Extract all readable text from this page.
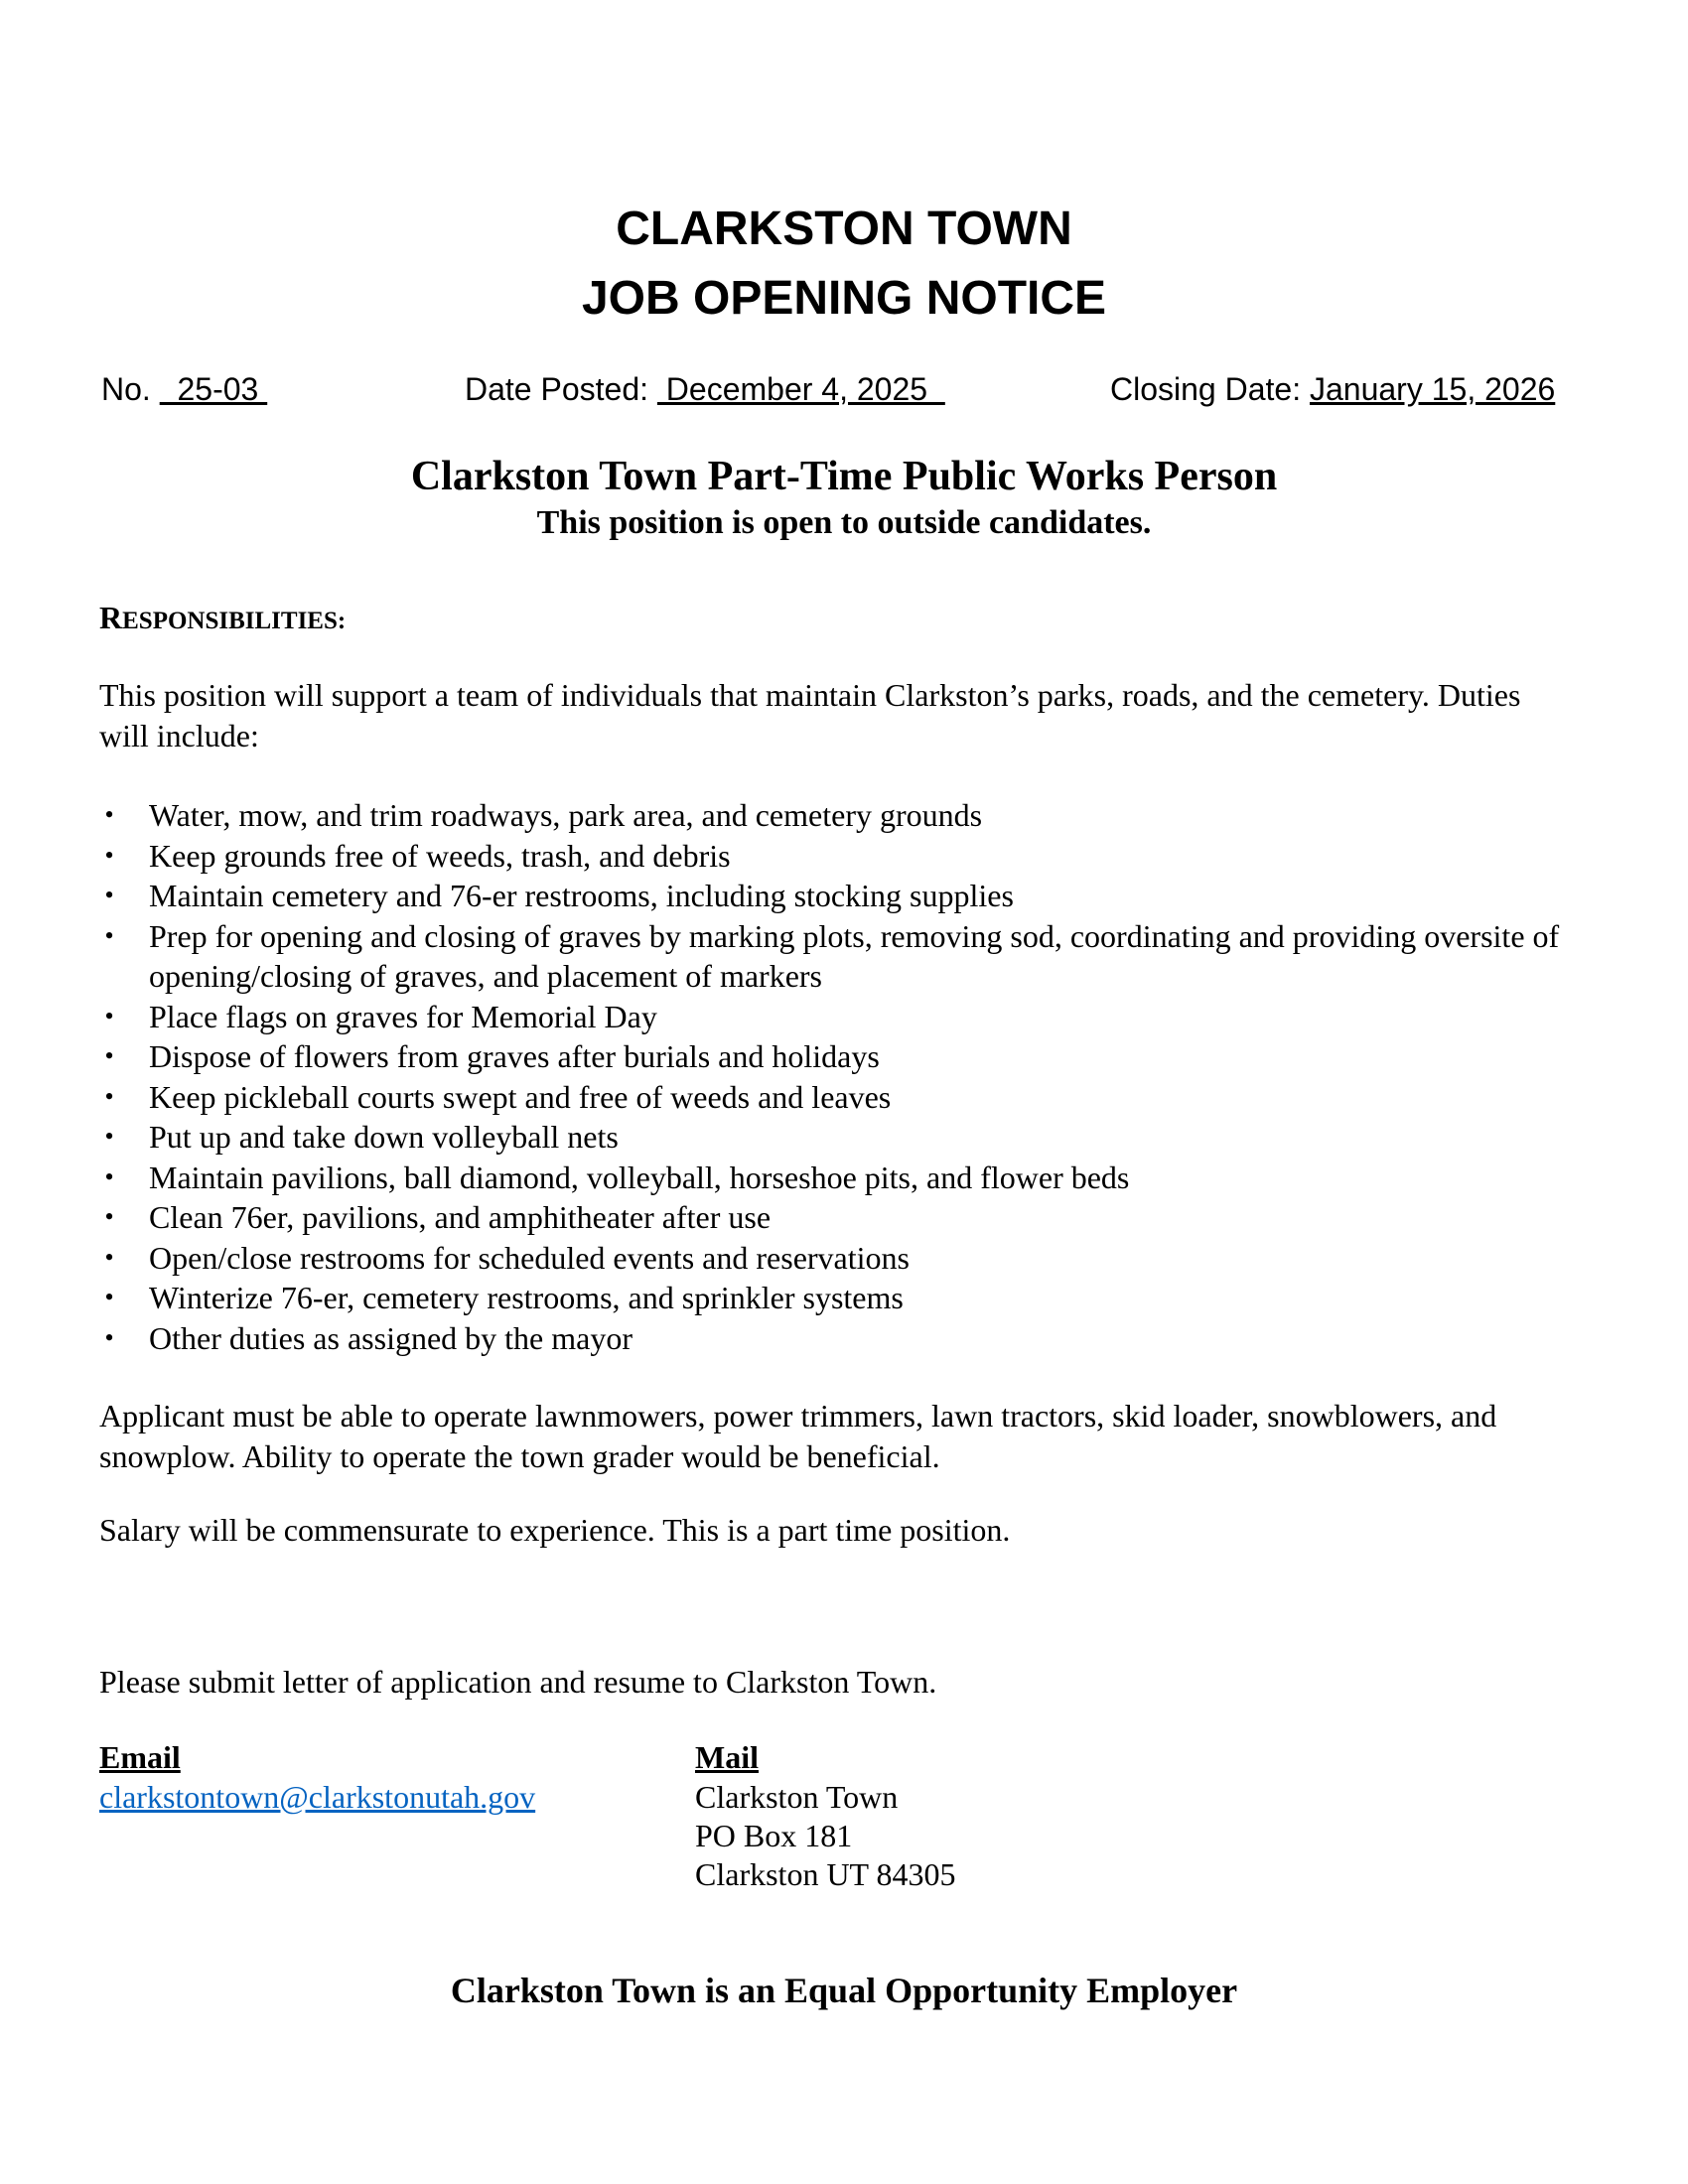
CLARKSTON TOWN
JOB OPENING NOTICE
No.   25-03	Date Posted:  December 4, 2025	Closing Date: January 15, 2026
Clarkston Town Part-Time Public Works Person
This position is open to outside candidates.
RESPONSIBILITIES:
This position will support a team of individuals that maintain Clarkston’s parks, roads, and the cemetery. Duties will include:
• Water, mow, and trim roadways, park area, and cemetery grounds
• Keep grounds free of weeds, trash, and debris
• Maintain cemetery and 76-er restrooms, including stocking supplies
• Prep for opening and closing of graves by marking plots, removing sod, coordinating and providing oversite of opening/closing of graves, and placement of markers
• Place flags on graves for Memorial Day
• Dispose of flowers from graves after burials and holidays
• Keep pickleball courts swept and free of weeds and leaves
• Put up and take down volleyball nets
• Maintain pavilions, ball diamond, volleyball, horseshoe pits, and flower beds
• Clean 76er, pavilions, and amphitheater after use
• Open/close restrooms for scheduled events and reservations
• Winterize 76-er, cemetery restrooms, and sprinkler systems
• Other duties as assigned by the mayor
Applicant must be able to operate lawnmowers, power trimmers, lawn tractors, skid loader, snowblowers, and snowplow. Ability to operate the town grader would be beneficial.
Salary will be commensurate to experience. This is a part time position.
Please submit letter of application and resume to Clarkston Town.
Email	Mail
clarkstontown@clarkstonutah.gov	Clarkston Town
PO Box 181
Clarkston UT 84305
Clarkston Town is an Equal Opportunity Employer
